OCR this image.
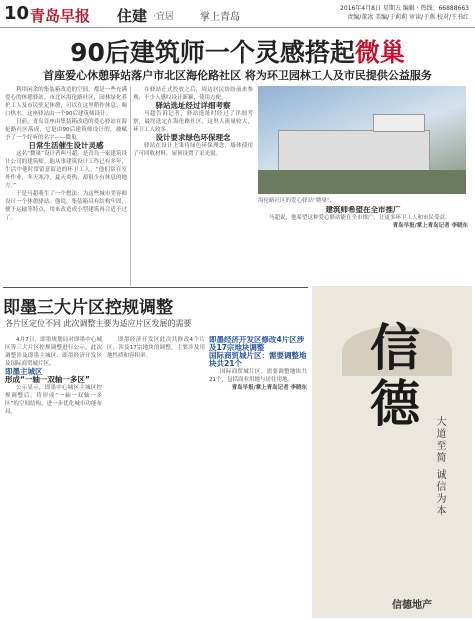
10 青岛早报 住建 ·宜居	掌上青岛
2016年4月8日 星期五 编辑 · 热线：66888663
责编/董冰 美编/于莉莉 审读/于燕 校对/王书红
90后建筑师一个灵感搭起微巢
首座爱心休憩驿站落户市北区海伦路社区 将为环卫园林工人及市民提供公益服务

利用闲余的集装箱改造的空间，都是一些充满爱心的休憩驿站。市北区海伦路社区，园林绿化养护工人及市民驻足休憩，可以在这里稍作休息、喝口热水。这座驿站由一个90后建筑师设计。

日前，青岛首座由集装箱改造的爱心驿站在海伦路社区落成，它是由90后建筑师设计的，被赋予了一个好听的名字——微巢。

日常生活催生设计灵感

这名“微巢”设计者叫马超，是青岛一家建筑设计公司的建筑师。他从事建筑设计工作已有多年，生活中他时常留意街边的环卫工人，“他们常在室外作业，冬天寒冷，夏天炎热，却很少有休息的地方。”

于是马超萌生了一个想法：为这些城市美容师设计一个休憩驿站。他说，集装箱具有结构牢固、便于运输等特点，用来改造成小型建筑再合适不过了。

在驿站正式投放之后，周边居民纷纷前来参观，不少人感叹设计新颖、使用方便。

驿站选址经过详细考察

马超告诉记者，驿站选址时经过了详细考察，最终选定在海伦路社区，这里人流量较大，环卫工人较多。

设计要求绿色环保理念

驿站在设计上秉持绿色环保理念，墙体使用了可回收材料，屋顶设置了采光窗。

海伦路社区的爱心驿站“微巢”。

建筑师希望在全市推广

马超说，他希望这种爱心驿站能在全市推广，让更多环卫工人和市民受益。

青岛早报/掌上青岛记者 李晓东

即墨三大片区控规调整
各片区定位不同 此次调整主要为适应片区发展的需要

4月7日，即墨规划局对即墨中心城区等三大片区控规调整进行公示。此次调整涉及即墨主城区、即墨经济开发区及国际商贸城片区。

即墨主城区

形成“一轴一双轴一多区”

公示显示，即墨中心城区主城区控规调整后，将形成“一轴一双轴一多区”的空间结构，进一步优化城市功能布局。

即墨经济开发区此次共修改4个片区，涉及17宗地块的调整，主要涉及用地性质和容积率。

即墨经济开发区修改4片区涉及17宗地块调整

国际商贸城片区：需要调整地块共21个

国际商贸城片区，需要调整地块共21个，包括商业用地与居住用地。

青岛早报/掌上青岛记者 李晓东	信德
大道至简 诚信为本
信德地产
